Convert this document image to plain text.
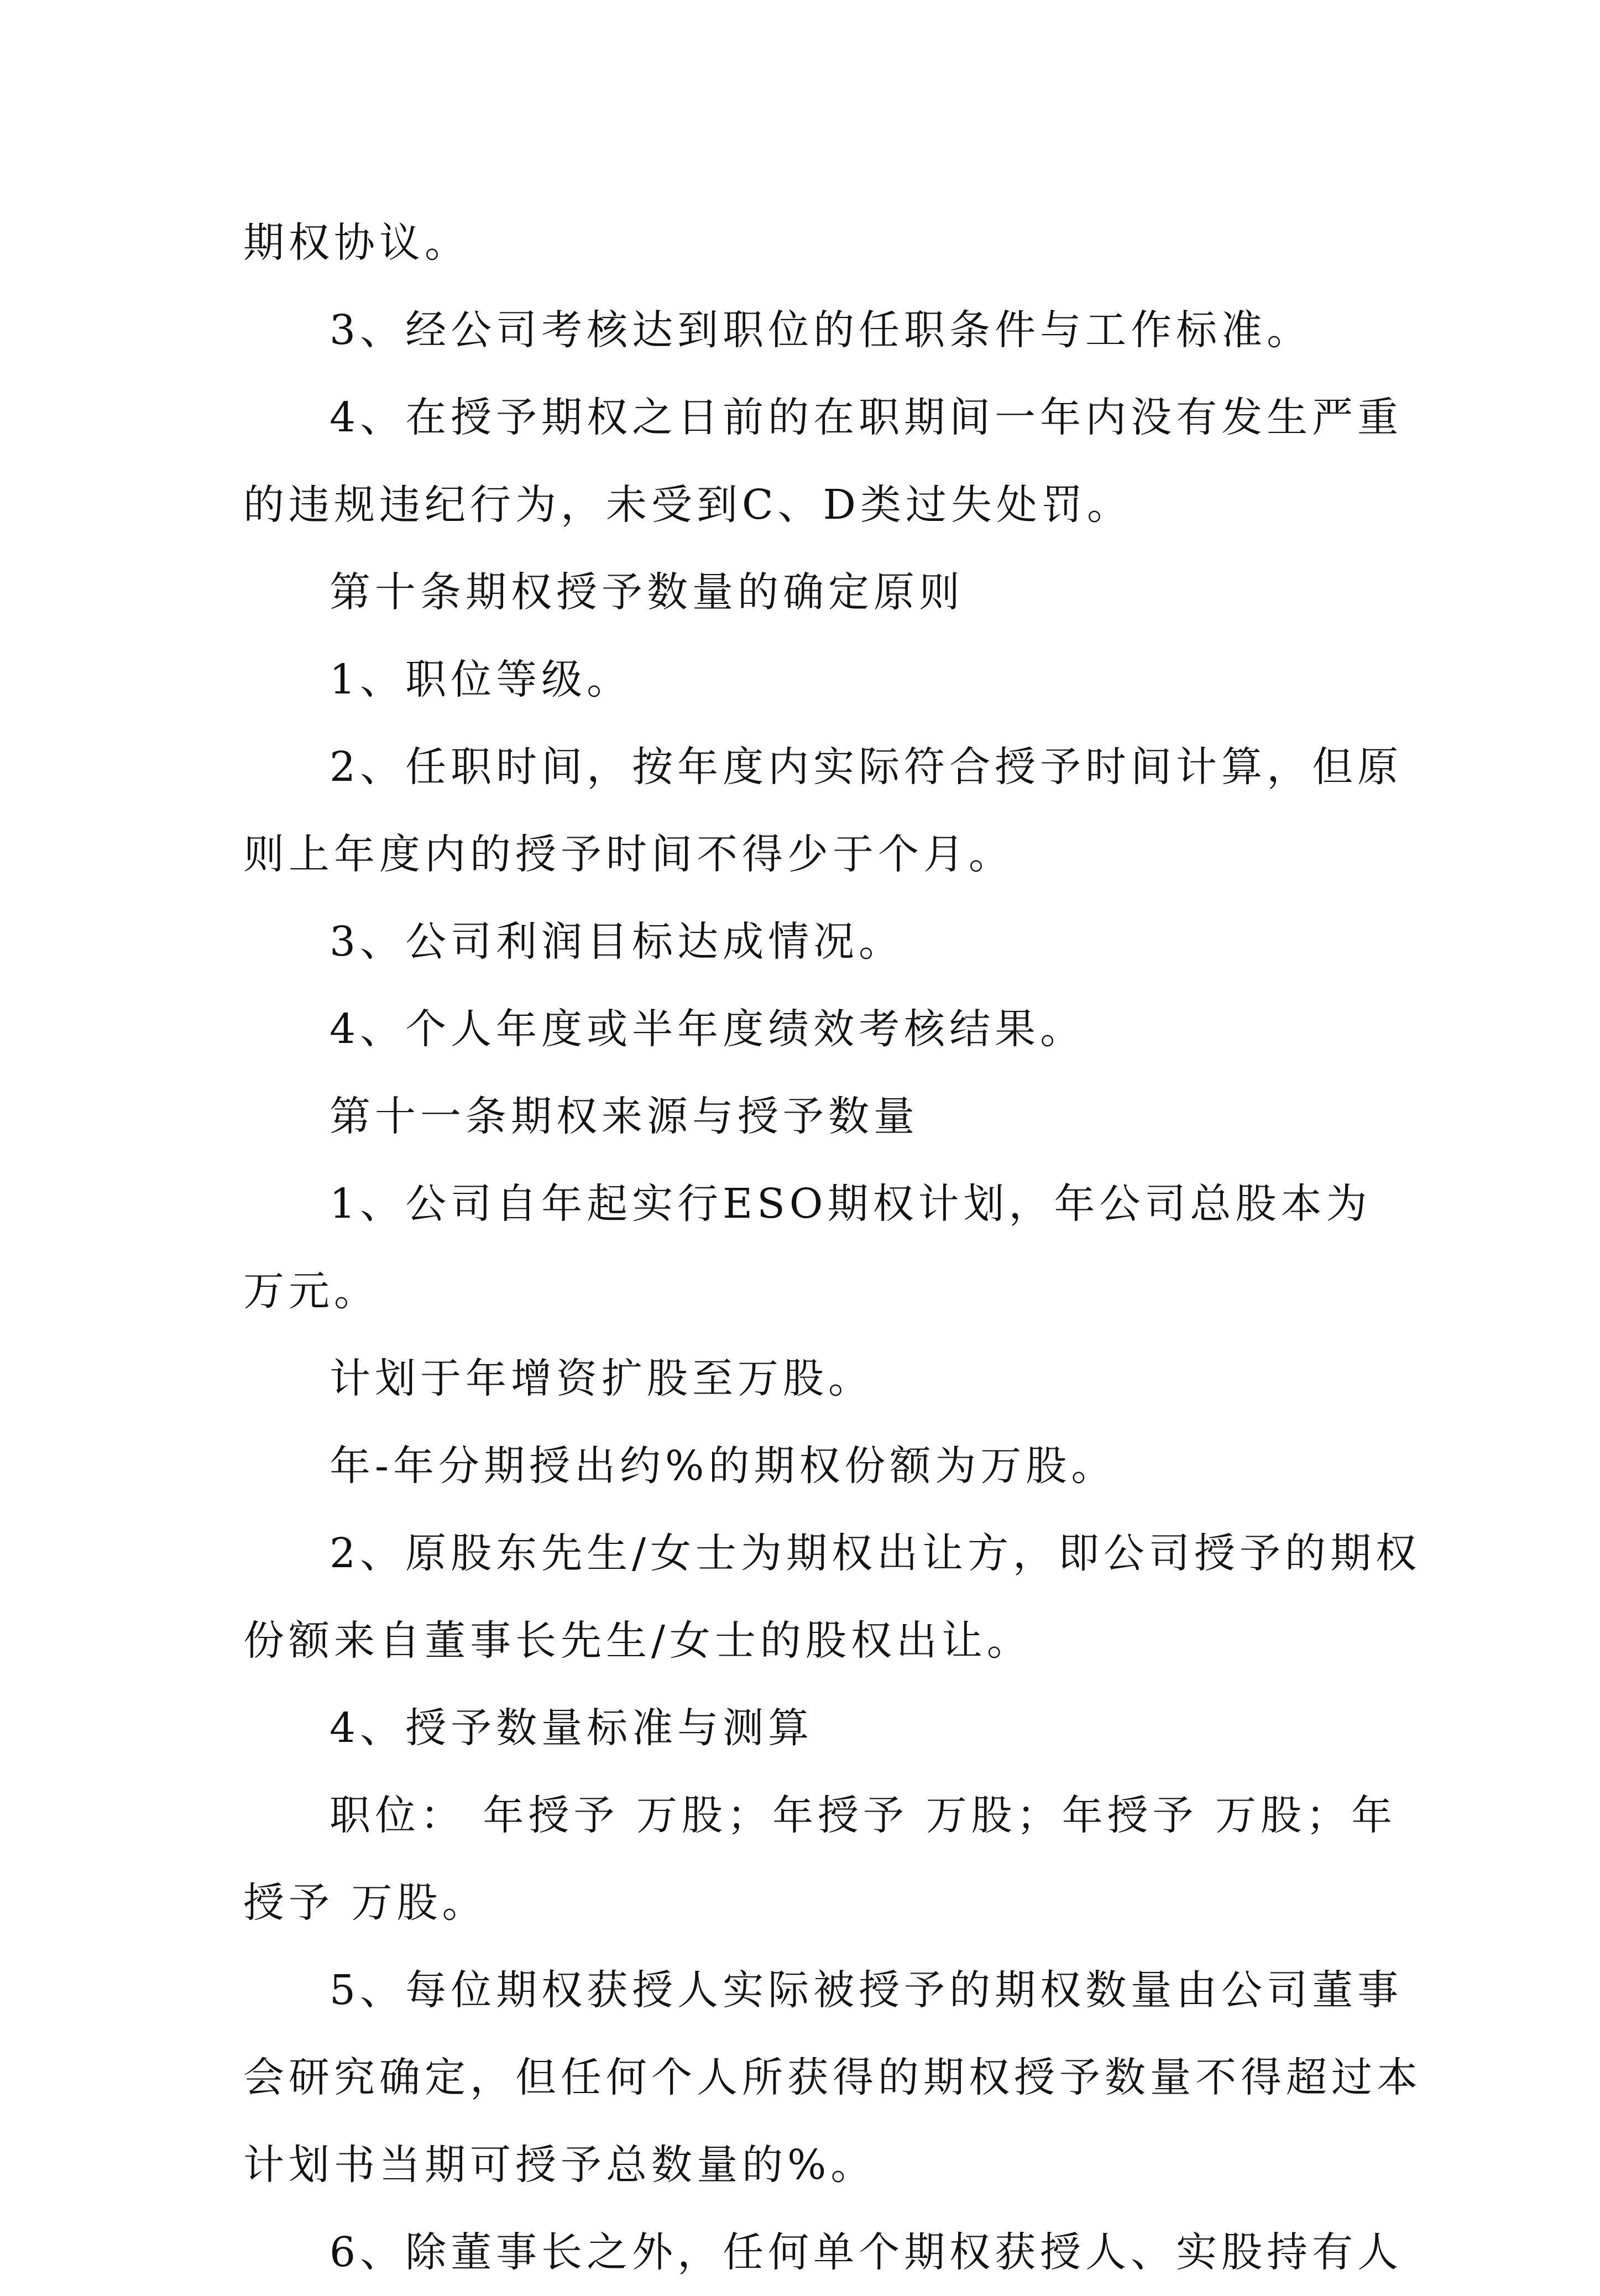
期权协议。

3、经公司考核达到职位的任职条件与工作标准。

4、在授予期权之日前的在职期间一年内没有发生严重

的违规违纪行为，未受到C、D类过失处罚。

第十条期权授予数量的确定原则

1、职位等级。

2、任职时间，按年度内实际符合授予时间计算，但原

则上年度内的授予时间不得少于个月。

3、公司利润目标达成情况。

4、个人年度或半年度绩效考核结果。

第十一条期权来源与授予数量

1、公司自年起实行ESO期权计划，年公司总股本为

万元。

计划于年增资扩股至万股。

年-年分期授出约%的期权份额为万股。

2、原股东先生/女士为期权出让方，即公司授予的期权

份额来自董事长先生/女士的股权出让。

4、授予数量标准与测算

职位： 年授予 万股；年授予 万股；年授予 万股；年

授予 万股。

5、每位期权获授人实际被授予的期权数量由公司董事

会研究确定，但任何个人所获得的期权授予数量不得超过本

计划书当期可授予总数量的%。

6、除董事长之外，任何单个期权获授人、实股持有人
